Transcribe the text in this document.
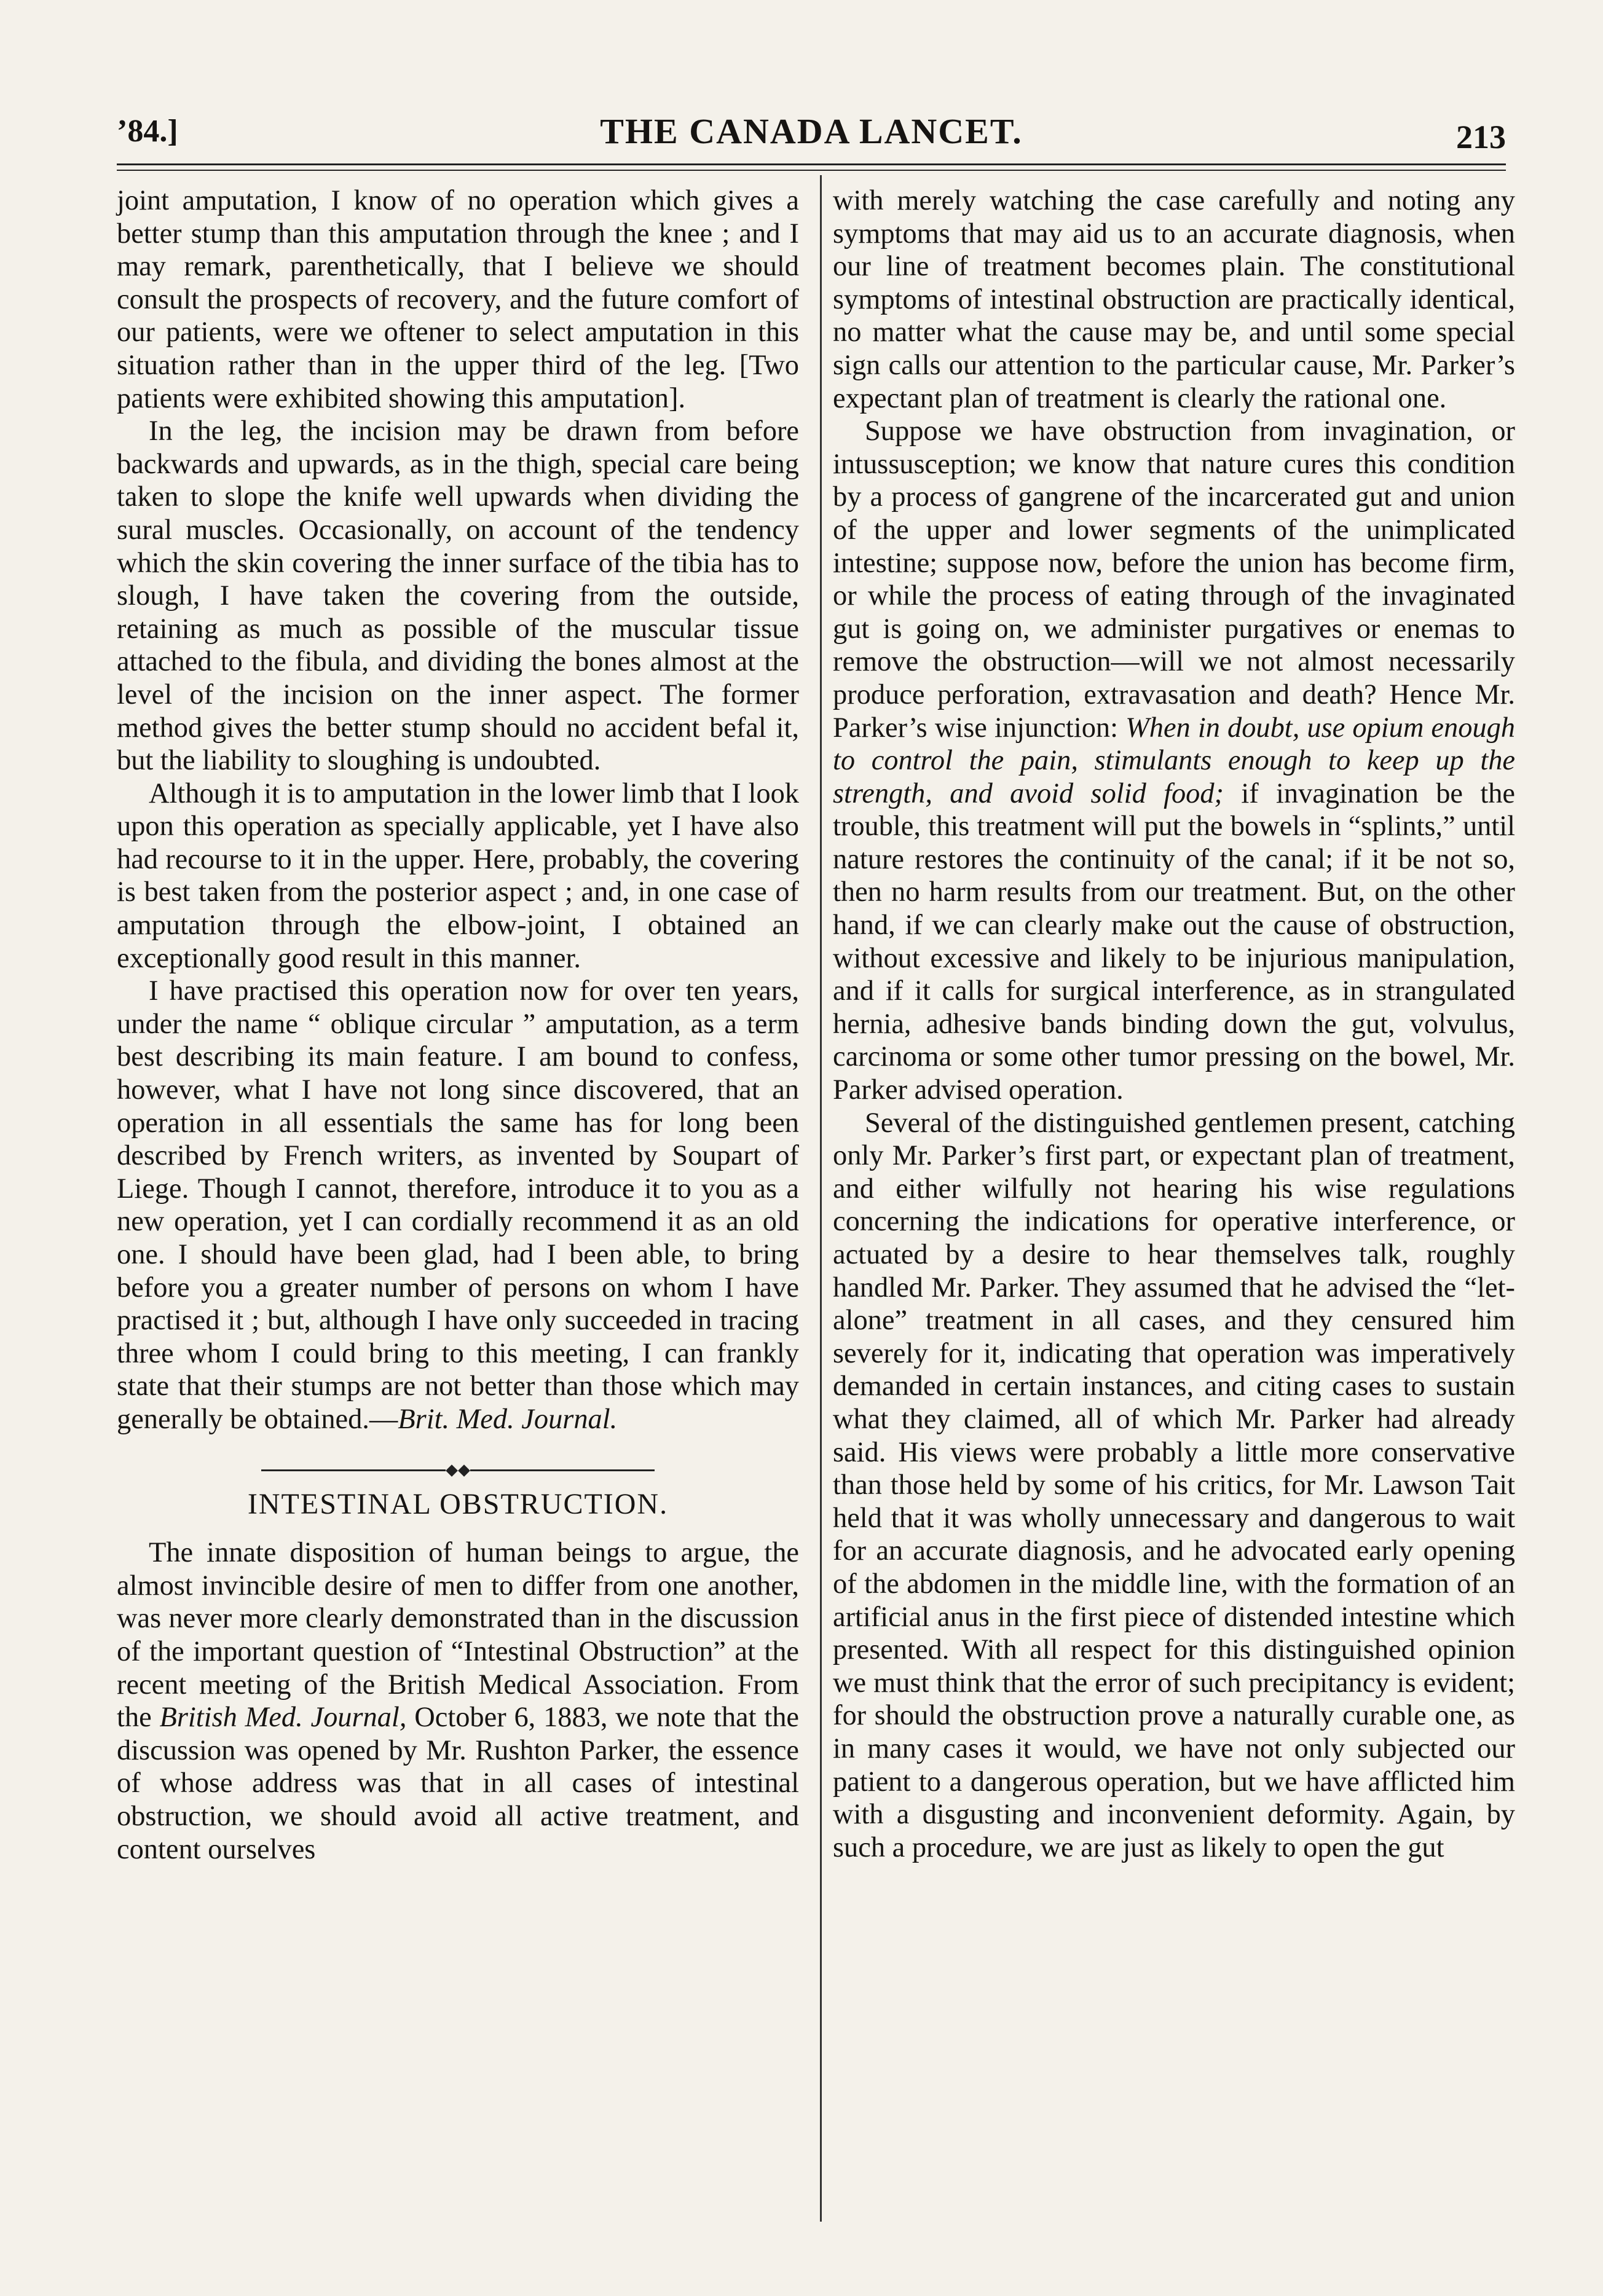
’84.]	THE CANADA LANCET.	213

joint amputation, I know of no operation which gives a better stump than this amputation through the knee ; and I may remark, parenthetically, that I believe we should consult the prospects of recovery, and the future comfort of our patients, were we oftener to select amputation in this situation rather than in the upper third of the leg. [Two patients were exhibited showing this amputation].

In the leg, the incision may be drawn from before backwards and upwards, as in the thigh, special care being taken to slope the knife well upwards when dividing the sural muscles. Occasionally, on account of the tendency which the skin covering the inner surface of the tibia has to slough, I have taken the covering from the outside, retaining as much as possible of the muscular tissue attached to the fibula, and dividing the bones almost at the level of the incision on the inner aspect. The former method gives the better stump should no accident befal it, but the liability to sloughing is undoubted.

Although it is to amputation in the lower limb that I look upon this operation as specially applicable, yet I have also had recourse to it in the upper. Here, probably, the covering is best taken from the posterior aspect ; and, in one case of amputation through the elbow-joint, I obtained an exceptionally good result in this manner.

I have practised this operation now for over ten years, under the name “ oblique circular ” amputation, as a term best describing its main feature. I am bound to confess, however, what I have not long since discovered, that an operation in all essentials the same has for long been described by French writers, as invented by Soupart of Liege. Though I cannot, therefore, introduce it to you as a new operation, yet I can cordially recommend it as an old one. I should have been glad, had I been able, to bring before you a greater number of persons on whom I have practised it ; but, although I have only succeeded in tracing three whom I could bring to this meeting, I can frankly state that their stumps are not better than those which may generally be obtained.—Brit. Med. Journal.

INTESTINAL OBSTRUCTION.

The innate disposition of human beings to argue, the almost invincible desire of men to differ from one another, was never more clearly demonstrated than in the discussion of the important question of “Intestinal Obstruction” at the recent meeting of the British Medical Association. From the British Med. Journal, October 6, 1883, we note that the discussion was opened by Mr. Rushton Parker, the essence of whose address was that in all cases of intestinal obstruction, we should avoid all active treatment, and content ourselves

with merely watching the case carefully and noting any symptoms that may aid us to an accurate diagnosis, when our line of treatment becomes plain. The constitutional symptoms of intestinal obstruction are practically identical, no matter what the cause may be, and until some special sign calls our attention to the particular cause, Mr. Parker’s expectant plan of treatment is clearly the rational one.

Suppose we have obstruction from invagination, or intussusception; we know that nature cures this condition by a process of gangrene of the incarcerated gut and union of the upper and lower segments of the unimplicated intestine; suppose now, before the union has become firm, or while the process of eating through of the invaginated gut is going on, we administer purgatives or enemas to remove the obstruction—will we not almost necessarily produce perforation, extravasation and death? Hence Mr. Parker’s wise injunction: When in doubt, use opium enough to control the pain, stimulants enough to keep up the strength, and avoid solid food; if invagination be the trouble, this treatment will put the bowels in “splints,” until nature restores the continuity of the canal; if it be not so, then no harm results from our treatment. But, on the other hand, if we can clearly make out the cause of obstruction, without excessive and likely to be injurious manipulation, and if it calls for surgical interference, as in strangulated hernia, adhesive bands binding down the gut, volvulus, carcinoma or some other tumor pressing on the bowel, Mr. Parker advised operation.

Several of the distinguished gentlemen present, catching only Mr. Parker’s first part, or expectant plan of treatment, and either wilfully not hearing his wise regulations concerning the indications for operative interference, or actuated by a desire to hear themselves talk, roughly handled Mr. Parker. They assumed that he advised the “let-alone” treatment in all cases, and they censured him severely for it, indicating that operation was imperatively demanded in certain instances, and citing cases to sustain what they claimed, all of which Mr. Parker had already said. His views were probably a little more conservative than those held by some of his critics, for Mr. Lawson Tait held that it was wholly unnecessary and dangerous to wait for an accurate diagnosis, and he advocated early opening of the abdomen in the middle line, with the formation of an artificial anus in the first piece of distended intestine which presented. With all respect for this distinguished opinion we must think that the error of such precipitancy is evident; for should the obstruction prove a naturally curable one, as in many cases it would, we have not only subjected our patient to a dangerous operation, but we have afflicted him with a disgusting and inconvenient deformity. Again, by such a procedure, we are just as likely to open the gut
